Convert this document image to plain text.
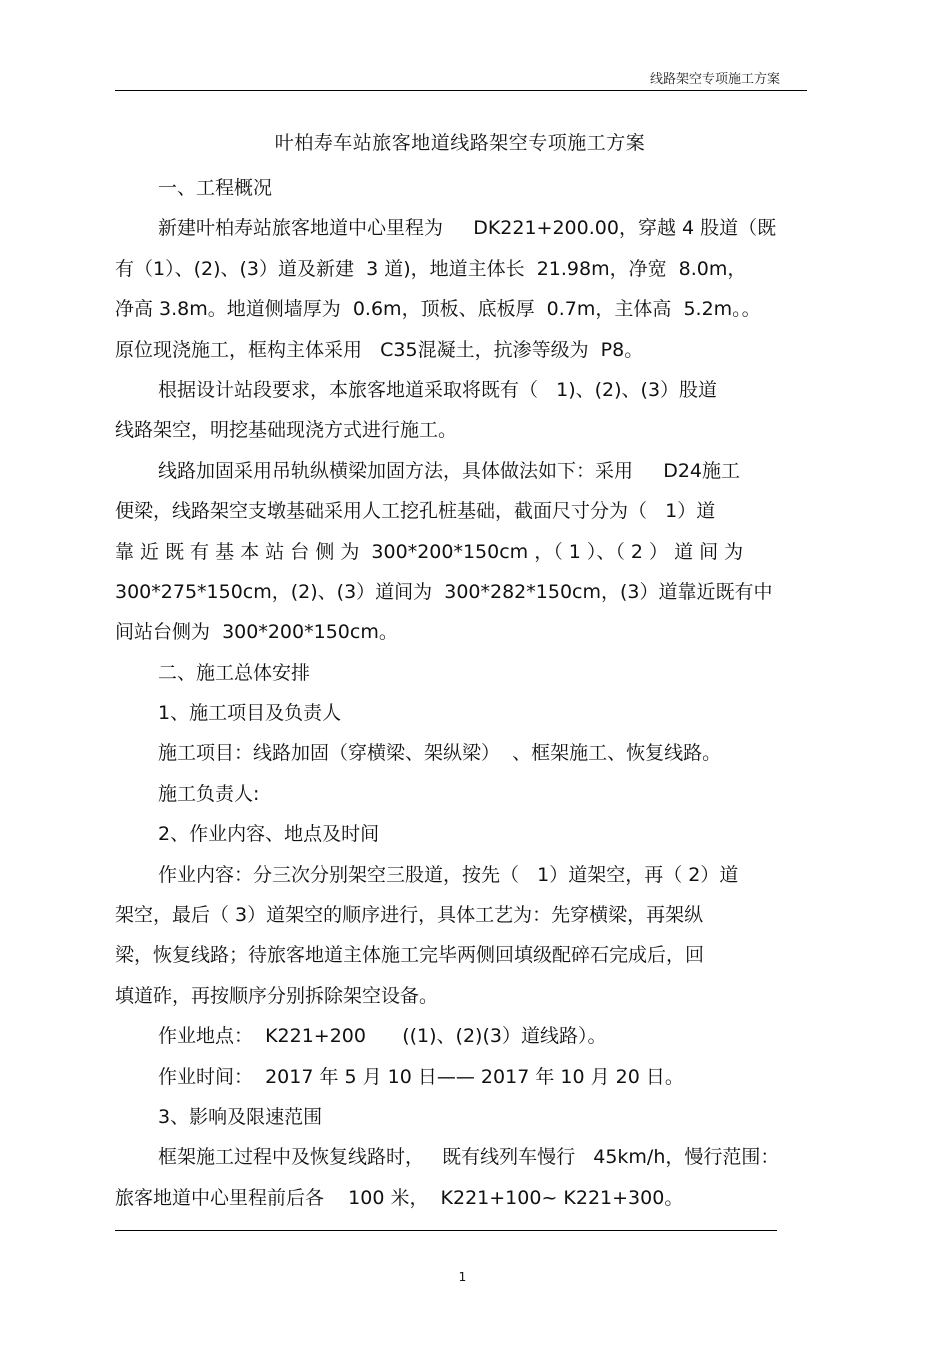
线路架空专项施工方案
叶柏寿车站旅客地道线路架空专项施工方案
一、工程概况
新建叶柏寿站旅客地道中心里程为     DK221+200.00，穿越 4 股道（既
有（1）、(2)、(3）道及新建  3 道)，地道主体长  21.98m，净宽  8.0m，
净高 3.8m。地道侧墙厚为  0.6m，顶板、底板厚  0.7m，主体高  5.2m。。
原位现浇施工，框构主体采用   C35混凝土，抗渗等级为  P8。
根据设计站段要求，本旅客地道采取将既有（   1)、(2)、(3）股道
线路架空，明挖基础现浇方式进行施工。
线路加固采用吊轨纵横梁加固方法，具体做法如下：采用     D24施工
便梁，线路架空支墩基础采用人工挖孔桩基础，截面尺寸分为（   1）道
靠 近 既 有 基 本 站 台 侧 为  300*200*150cm ，（ 1 ）、（ 2 ） 道 间 为
300*275*150cm，(2)、(3）道间为  300*282*150cm，(3）道靠近既有中
间站台侧为  300*200*150cm。
二、施工总体安排
1、施工项目及负责人
施工项目：线路加固（穿横梁、架纵梁）  、框架施工、恢复线路。
施工负责人:
2、作业内容、地点及时间
作业内容：分三次分别架空三股道，按先（   1）道架空，再（ 2）道
架空，最后（ 3）道架空的顺序进行，具体工艺为：先穿横梁，再架纵
梁，恢复线路；待旅客地道主体施工完毕两侧回填级配碎石完成后，回
填道砟，再按顺序分别拆除架空设备。
作业地点：  K221+200      ((1)、(2)(3）道线路）。
作业时间：  2017 年 5 月 10 日—— 2017 年 10 月 20 日。
3、影响及限速范围
框架施工过程中及恢复线路时，   既有线列车慢行   45km/h，慢行范围：
旅客地道中心里程前后各    100 米，  K221+100~ K221+300。
1
